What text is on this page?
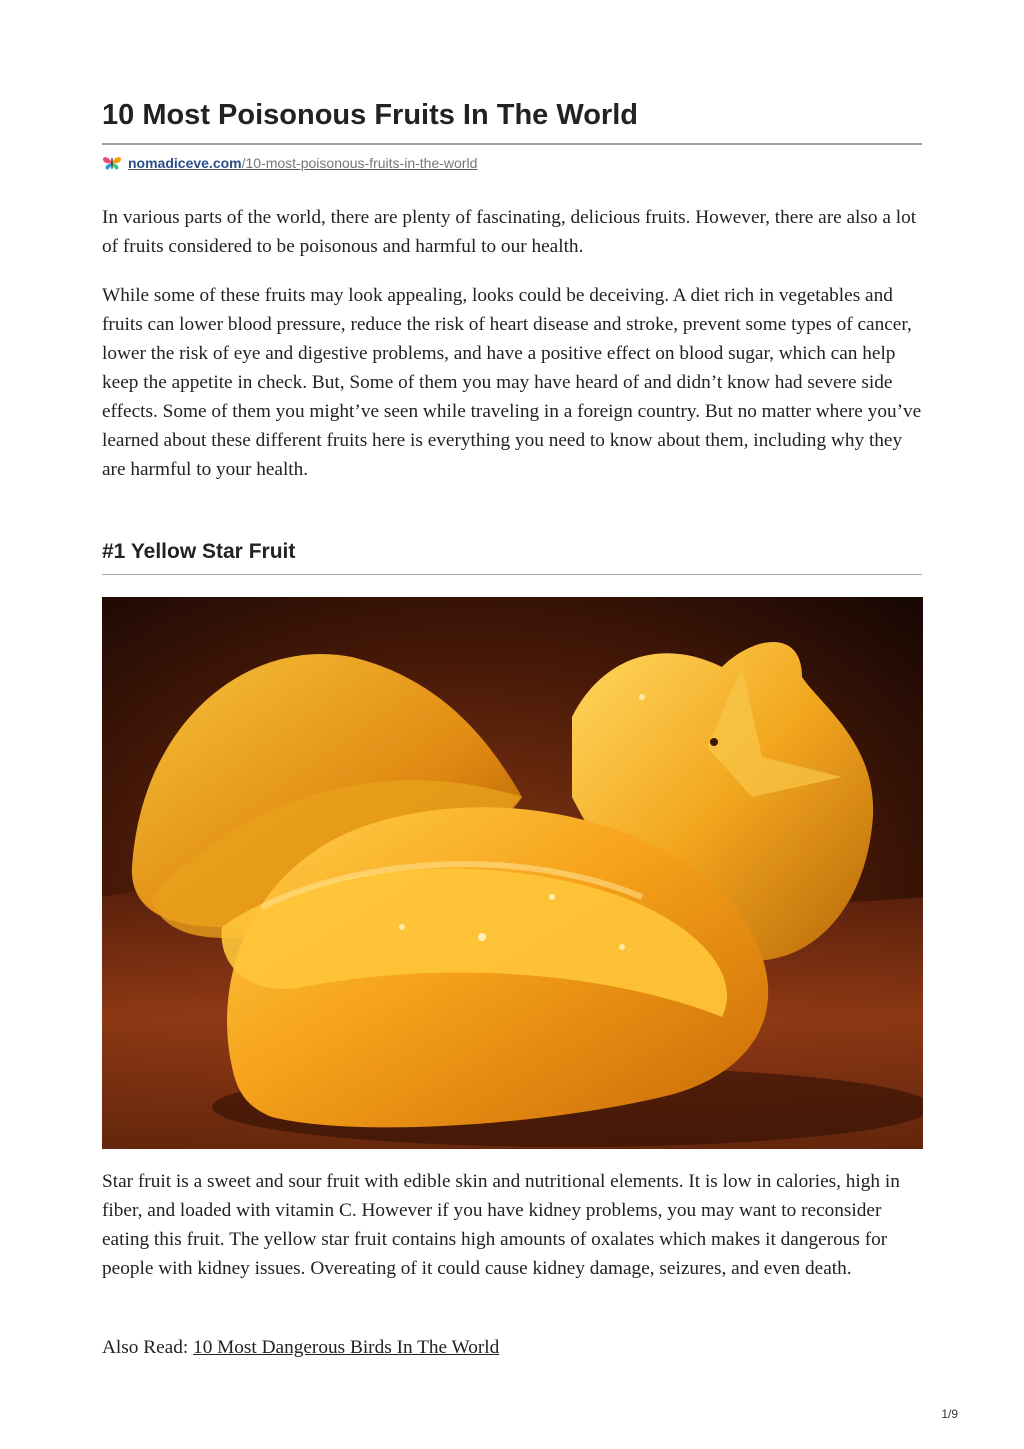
10 Most Poisonous Fruits In The World
nomadiceve.com/10-most-poisonous-fruits-in-the-world

In various parts of the world, there are plenty of fascinating, delicious fruits. However, there are also a lot of fruits considered to be poisonous and harmful to our health.

While some of these fruits may look appealing, looks could be deceiving. A diet rich in vegetables and fruits can lower blood pressure, reduce the risk of heart disease and stroke, prevent some types of cancer, lower the risk of eye and digestive problems, and have a positive effect on blood sugar, which can help keep the appetite in check. But, Some of them you may have heard of and didn’t know had severe side effects. Some of them you might’ve seen while traveling in a foreign country. But no matter where you’ve learned about these different fruits here is everything you need to know about them, including why they are harmful to your health.

#1 Yellow Star Fruit

Star fruit is a sweet and sour fruit with edible skin and nutritional elements. It is low in calories, high in fiber, and loaded with vitamin C. However if you have kidney problems, you may want to reconsider eating this fruit. The yellow star fruit contains high amounts of oxalates which makes it dangerous for people with kidney issues. Overeating of it could cause kidney damage, seizures, and even death.

Also Read: 10 Most Dangerous Birds In The World

1/9
